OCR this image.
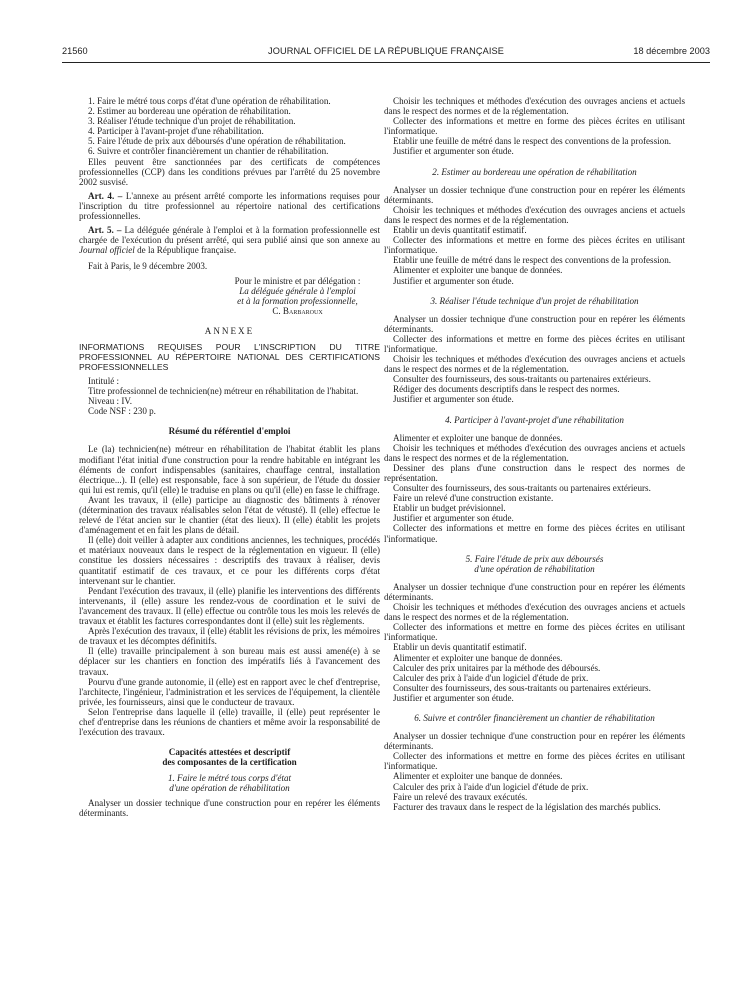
21560	JOURNAL OFFICIEL DE LA RÉPUBLIQUE FRANÇAISE	18 décembre 2003

1. Faire le métré tous corps d'état d'une opération de réhabilitation.

2. Estimer au bordereau une opération de réhabilitation.

3. Réaliser l'étude technique d'un projet de réhabilitation.

4. Participer à l'avant-projet d'une réhabilitation.

5. Faire l'étude de prix aux déboursés d'une opération de réhabilitation.

6. Suivre et contrôler financièrement un chantier de réhabilitation.

Elles peuvent être sanctionnées par des certificats de compétences professionnelles (CCP) dans les conditions prévues par l'arrêté du 25 novembre 2002 susvisé.

Art. 4. – L'annexe au présent arrêté comporte les informations requises pour l'inscription du titre professionnel au répertoire national des certifications professionnelles.

Art. 5. – La déléguée générale à l'emploi et à la formation professionnelle est chargée de l'exécution du présent arrêté, qui sera publié ainsi que son annexe au Journal officiel de la République française.

Fait à Paris, le 9 décembre 2003.

Pour le ministre et par délégation :

La déléguée générale à l'emploi

et à la formation professionnelle,

C. Barbaroux

ANNEXE

INFORMATIONS REQUISES POUR L'INSCRIPTION DU TITRE PROFESSIONNEL AU RÉPERTOIRE NATIONAL DES CERTIFICATIONS PROFESSIONNELLES

Intitulé :

Titre professionnel de technicien(ne) métreur en réhabilitation de l'habitat.

Niveau : IV.

Code NSF : 230 p.

Résumé du référentiel d'emploi

Le (la) technicien(ne) métreur en réhabilitation de l'habitat établit les plans modifiant l'état initial d'une construction pour la rendre habitable en intégrant les éléments de confort indispensables (sanitaires, chauffage central, installation électrique...). Il (elle) est responsable, face à son supérieur, de l'étude du dossier qui lui est remis, qu'il (elle) le traduise en plans ou qu'il (elle) en fasse le chiffrage.

Avant les travaux, il (elle) participe au diagnostic des bâtiments à rénover (détermination des travaux réalisables selon l'état de vétusté). Il (elle) effectue le relevé de l'état ancien sur le chantier (état des lieux). Il (elle) établit les projets d'aménagement et en fait les plans de détail.

Il (elle) doit veiller à adapter aux conditions anciennes, les techniques, procédés et matériaux nouveaux dans le respect de la réglementation en vigueur. Il (elle) constitue les dossiers nécessaires : descriptifs des travaux à réaliser, devis quantitatif estimatif de ces travaux, et ce pour les différents corps d'état intervenant sur le chantier.

Pendant l'exécution des travaux, il (elle) planifie les interventions des différents intervenants, il (elle) assure les rendez-vous de coordination et le suivi de l'avancement des travaux. Il (elle) effectue ou contrôle tous les mois les relevés de travaux et établit les factures correspondantes dont il (elle) suit les règlements.

Après l'exécution des travaux, il (elle) établit les révisions de prix, les mémoires de travaux et les décomptes définitifs.

Il (elle) travaille principalement à son bureau mais est aussi amené(e) à se déplacer sur les chantiers en fonction des impératifs liés à l'avancement des travaux.

Pourvu d'une grande autonomie, il (elle) est en rapport avec le chef d'entreprise, l'architecte, l'ingénieur, l'administration et les services de l'équipement, la clientèle privée, les fournisseurs, ainsi que le conducteur de travaux.

Selon l'entreprise dans laquelle il (elle) travaille, il (elle) peut représenter le chef d'entreprise dans les réunions de chantiers et même avoir la responsabilité de l'exécution des travaux.

Capacités attestées et descriptif

des composantes de la certification

1. Faire le métré tous corps d'état

d'une opération de réhabilitation

Analyser un dossier technique d'une construction pour en repérer les éléments déterminants.

Choisir les techniques et méthodes d'exécution des ouvrages anciens et actuels dans le respect des normes et de la réglementation.

Collecter des informations et mettre en forme des pièces écrites en utilisant l'informatique.

Etablir une feuille de métré dans le respect des conventions de la profession.

Justifier et argumenter son étude.

2. Estimer au bordereau une opération de réhabilitation

Analyser un dossier technique d'une construction pour en repérer les éléments déterminants.

Choisir les techniques et méthodes d'exécution des ouvrages anciens et actuels dans le respect des normes et de la réglementation.

Etablir un devis quantitatif estimatif.

Collecter des informations et mettre en forme des pièces écrites en utilisant l'informatique.

Etablir une feuille de métré dans le respect des conventions de la profession.

Alimenter et exploiter une banque de données.

Justifier et argumenter son étude.

3. Réaliser l'étude technique d'un projet de réhabilitation

Analyser un dossier technique d'une construction pour en repérer les éléments déterminants.

Collecter des informations et mettre en forme des pièces écrites en utilisant l'informatique.

Choisir les techniques et méthodes d'exécution des ouvrages anciens et actuels dans le respect des normes et de la réglementation.

Consulter des fournisseurs, des sous-traitants ou partenaires extérieurs.

Rédiger des documents descriptifs dans le respect des normes.

Justifier et argumenter son étude.

4. Participer à l'avant-projet d'une réhabilitation

Alimenter et exploiter une banque de données.

Choisir les techniques et méthodes d'exécution des ouvrages anciens et actuels dans le respect des normes et de la réglementation.

Dessiner des plans d'une construction dans le respect des normes de représentation.

Consulter des fournisseurs, des sous-traitants ou partenaires extérieurs.

Faire un relevé d'une construction existante.

Etablir un budget prévisionnel.

Justifier et argumenter son étude.

Collecter des informations et mettre en forme des pièces écrites en utilisant l'informatique.

5. Faire l'étude de prix aux déboursés

d'une opération de réhabilitation

Analyser un dossier technique d'une construction pour en repérer les éléments déterminants.

Choisir les techniques et méthodes d'exécution des ouvrages anciens et actuels dans le respect des normes et de la réglementation.

Collecter des informations et mettre en forme des pièces écrites en utilisant l'informatique.

Etablir un devis quantitatif estimatif.

Alimenter et exploiter une banque de données.

Calculer des prix unitaires par la méthode des déboursés.

Calculer des prix à l'aide d'un logiciel d'étude de prix.

Consulter des fournisseurs, des sous-traitants ou partenaires extérieurs.

Justifier et argumenter son étude.

6. Suivre et contrôler financièrement un chantier de réhabilitation

Analyser un dossier technique d'une construction pour en repérer les éléments déterminants.

Collecter des informations et mettre en forme des pièces écrites en utilisant l'informatique.

Alimenter et exploiter une banque de données.

Calculer des prix à l'aide d'un logiciel d'étude de prix.

Faire un relevé des travaux exécutés.

Facturer des travaux dans le respect de la législation des marchés publics.
